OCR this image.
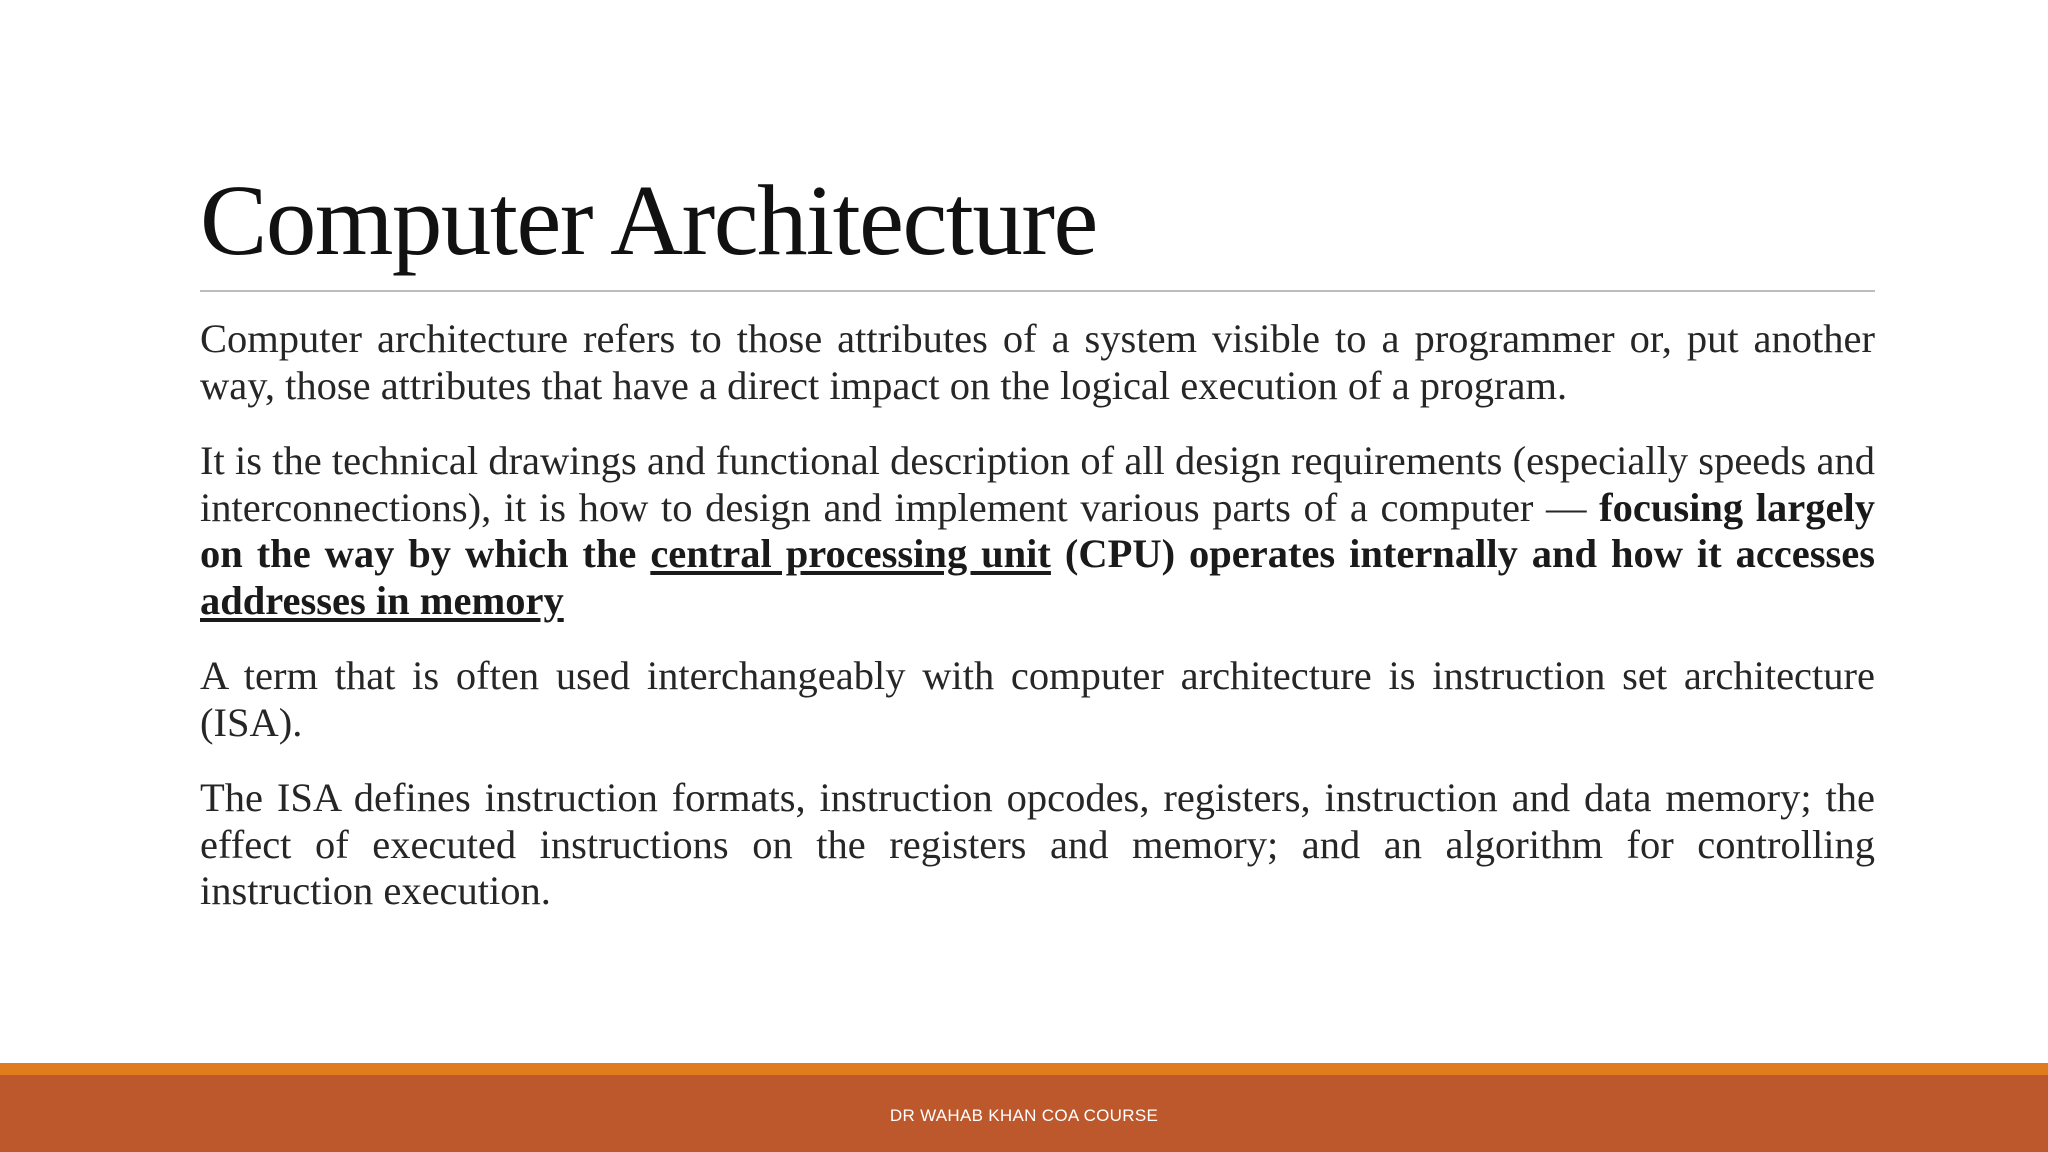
Computer Architecture

Computer architecture refers to those attributes of a system visible to a programmer or, put another way, those attributes that have a direct impact on the logical execution of a program.

It is the technical drawings and functional description of all design requirements (especially speeds and interconnections), it is how to design and implement various parts of a computer — focusing largely on the way by which the central processing unit (CPU) operates internally and how it accesses addresses in memory

A term that is often used interchangeably with computer architecture is instruction set architecture (ISA).

The ISA defines instruction formats, instruction opcodes, registers, instruction and data memory; the effect of executed instructions on the registers and memory; and an algorithm for controlling instruction execution.

DR WAHAB KHAN COA COURSE
